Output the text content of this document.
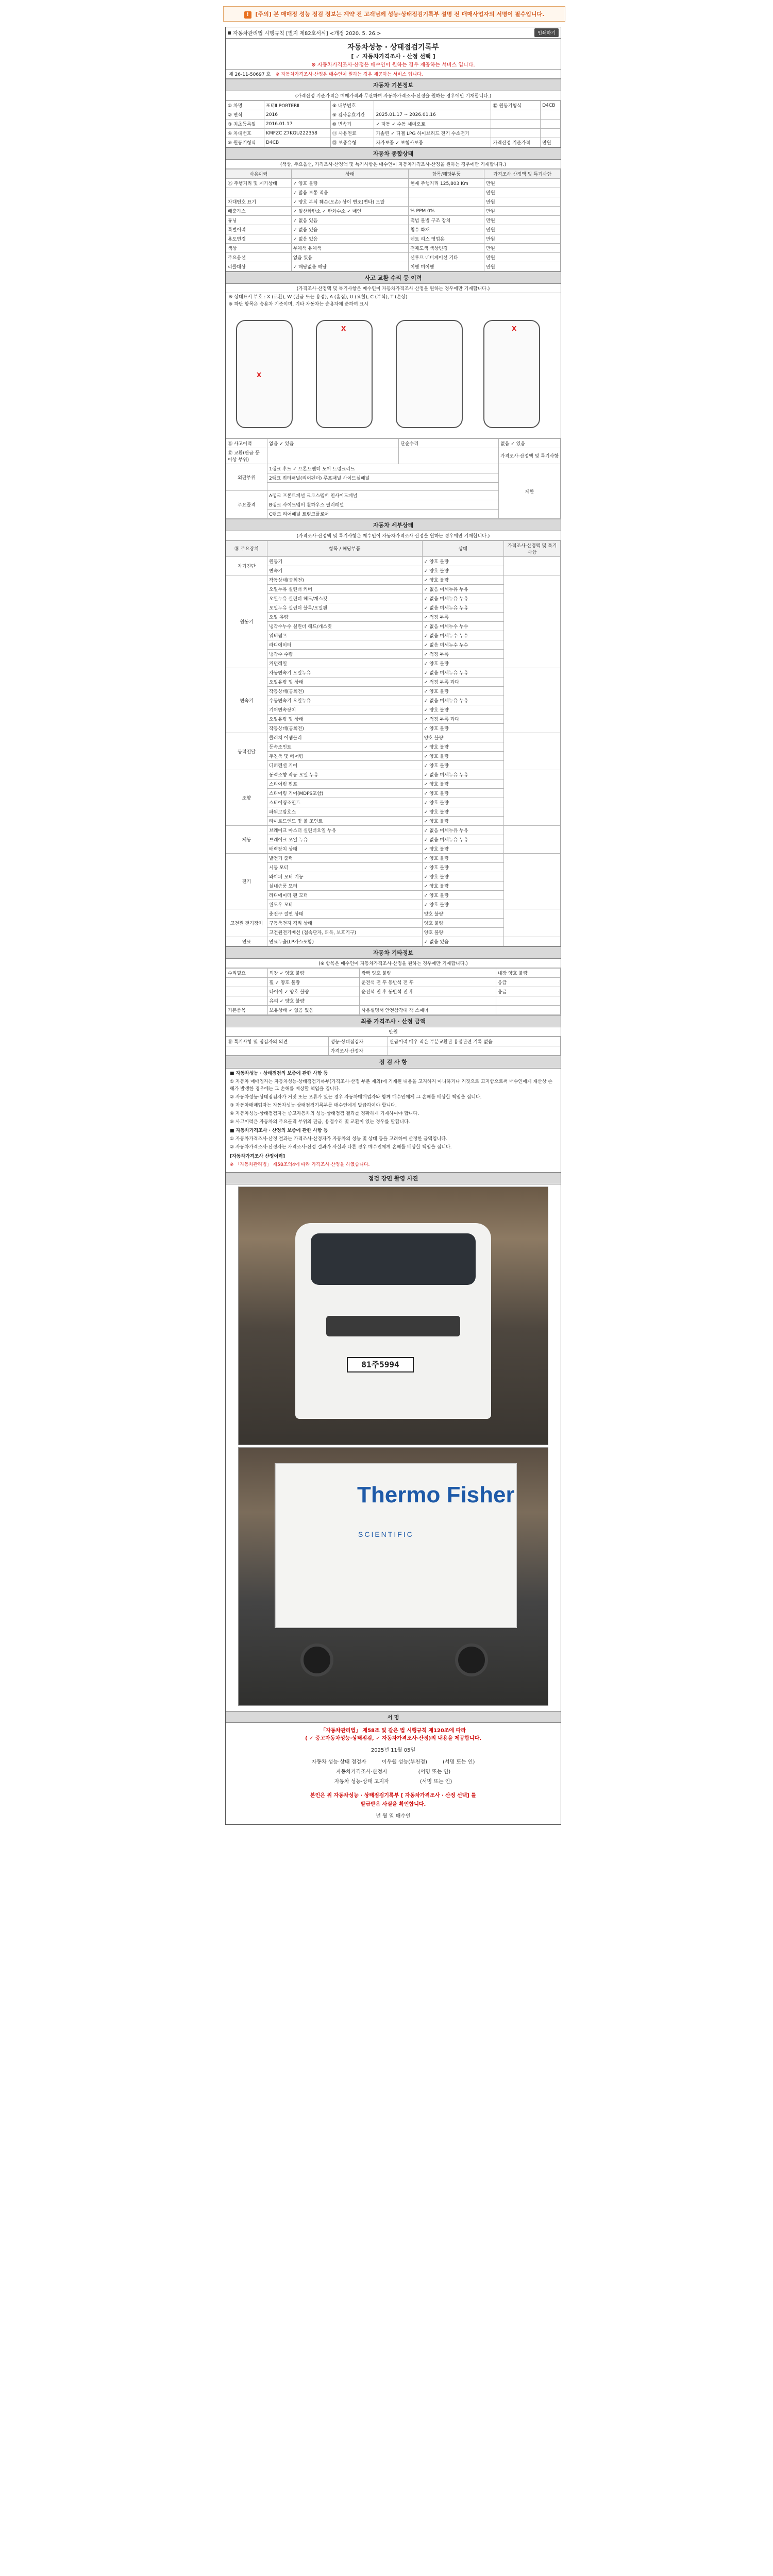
! [주의] 본 매매정 성능 점검 정보는 계약 전 고객님께 성능·상태점검기록부 설명 전 매매사업자의 서명이 필수입니다.
자동차관리법 시행규칙 [별지 제82호서식] <개정 2020. 5. 26.>	인쇄하기
자동차성능 · 상태점검기록부
[ ✓ 자동차가격조사 · 산정 선택 ]
※ 자동차가격조사·산정은 매수인이 원하는 경우 제공하는 서비스 입니다.
제 26-11-50697 호 ※ 자동차가격조사·산정은 매수인이 원하는 경우 제공하는 서비스 입니다.
자동차 기본정보
(가격산정 기준가격은 매매가격과 무관하며 자동차가격조사·산정을 원하는 경우에만 기재합니다.)
① 차명	포터Ⅱ PORTERⅡ	⑧ 내부번호		⑫ 원동기형식	D4CB
② 연식	2016	⑨ 검사유효기간	2025.01.17 ~ 2026.01.16		
③ 최초등록일	2016.01.17	⑩ 변속기	✓ 자동 ✓ 수동 세미오토		
④ 차대번호	KMFZC Z7KGU222358	⑪ 사용연료	가솔린 ✓ 디젤 LPG 하이브리드 전기 수소전기		
⑤ 원동기형식	D4CB	⑬ 보증유형	자가보증 ✓ 보험사보증	가격산정 기준가격	만원
자동차 종합상태
(색상, 주요옵션, 가격조사·산정액 및 특기사항은 매수인이 자동차가격조사·산정을 원하는 경우에만 기재합니다.)
사용이력	상태	항목/해당부품	가격조사·산정액 및 특기사항
⑮ 주행거리 및 계기상태	✓ 양호 불량	현재 주행거리 125,803 Km	만원
	✓ 많음 보통 적음		만원
차대번호 표기	✓ 양호 부식 훼손(오손) 상이 변조(변타) 도말		만원
배출가스	✓ 일산화탄소 ✓ 탄화수소 ✓ 매연	% PPM 0%	만원
튜닝	✓ 없음 있음	적법 불법 구조 장치	만원
특별이력	✓ 없음 있음	침수 화재	만원
용도변경	✓ 없음 있음	렌트 리스 영업용	만원
색상	무채색 유채색	전체도색 색상변경	만원
주요옵션	없음 있음	선루프 네비게이션 기타	만원
리콜대상	✓ 해당없음 해당	이행 미이행	만원
사고 교환 수리 등 이력
(가격조사·산정액 및 특기사항은 매수인이 자동차가격조사·산정을 원하는 경우에만 기재합니다.)
※ 상태표시 부호 : X (교환), W (판금 또는 용접), A (흠집), U (요철), C (부식), T (손상)
※ 하단 항목은 승용차 기준이며, 기타 자동차는 승용차에 준하여 표시
X	X
X
⑯ 사고이력	없음 ✓ 있음	단순수리	없음 ✓ 있음
⑰ 교환(판금 등 이상 부위)			가격조사·산정액 및 특기사항
외판부위	1랭크 후드 ✓ 프론트펜더 도어 트렁크리드		제한
	2랭크 쿼터패널(리어펜더) 루프패널 사이드실패널		

주요골격	A랭크 프론트패널 크로스멤버 인사이드패널		
	B랭크 사이드멤버 휠하우스 필러패널		
	C랭크 리어패널 트렁크플로어		
자동차 세부상태
(가격조사·산정액 및 특기사항은 매수인이 자동차가격조사·산정을 원하는 경우에만 기재합니다.)
⑱ 주요장치	항목 / 해당부품	상태	가격조사·산정액 및 특기사항
자기진단	원동기	✓ 양호 불량	
	변속기	✓ 양호 불량	
원동기	작동상태(공회전)	✓ 양호 불량	
	오일누유 실린더 커버	✓ 없음 미세누유 누유	
	오일누유 실린더 헤드/개스킷	✓ 없음 미세누유 누유	
	오일누유 실린더 블록/오일팬	✓ 없음 미세누유 누유	
	오일 유량	✓ 적정 부족	
	냉각수누수 실린더 헤드/개스킷	✓ 없음 미세누수 누수	
	워터펌프	✓ 없음 미세누수 누수	
	라디에이터	✓ 없음 미세누수 누수	
	냉각수 수량	✓ 적정 부족	
	커먼레일	✓ 양호 불량	
변속기	자동변속기 오일누유	✓ 없음 미세누유 누유	
	오일유량 및 상태	✓ 적정 부족 과다	
	작동상태(공회전)	✓ 양호 불량	
	수동변속기 오일누유	✓ 없음 미세누유 누유	
	기어변속장치	✓ 양호 불량	
	오일유량 및 상태	✓ 적정 부족 과다	
	작동상태(공회전)	✓ 양호 불량	
동력전달	클러치 어셈블리	양호 불량	
	등속조인트	✓ 양호 불량	
	추진축 및 베어링	✓ 양호 불량	
	디퍼렌셜 기어	✓ 양호 불량	
조향	동력조향 작동 오일 누유	✓ 없음 미세누유 누유	
	스티어링 펌프	✓ 양호 불량	
	스티어링 기어(MDPS포함)	✓ 양호 불량	
	스티어링조인트	✓ 양호 불량	
	파워고압호스	✓ 양호 불량	
	타이로드엔드 및 볼 조인트	✓ 양호 불량	
제동	브레이크 마스터 실린더오일 누유	✓ 없음 미세누유 누유	
	브레이크 오일 누유	✓ 없음 미세누유 누유	
	배력장치 상태	✓ 양호 불량	
전기	발전기 출력	✓ 양호 불량	
	시동 모터	✓ 양호 불량	
	와이퍼 모터 기능	✓ 양호 불량	
	실내송풍 모터	✓ 양호 불량	
	라디에이터 팬 모터	✓ 양호 불량	
	윈도우 모터	✓ 양호 불량	
고전원 전기장치	충전구 절연 상태	양호 불량	
	구동축전지 격리 상태	양호 불량	
	고전원전기배선 (접속단자, 피복, 보호기구)	양호 불량	
연료	연료누출(LP가스포함)	✓ 없음 있음	
자동차 기타정보
(※ 항목은 매수인이 자동차가격조사·산정을 원하는 경우에만 기재합니다.)
수리필요	외장 ✓ 양호 불량	광택 양호 불량	내장 양호 불량
	휠 ✓ 양호 불량	운전석 전 후 동반석 전 후	응급
	타이어 ✓ 양호 불량	운전석 전 후 동반석 전 후	응급
	유리 ✓ 양호 불량		
기본품목	보유상태 ✓ 없음 있음	사용설명서 안전삼각대 잭 스패너	
최종 가격조사 · 산정 금액
만원
⑲ 특기사항 및 점검자의 의견	성능·상태점검자	판금이력 매우 작은 부분교환관 용접관련 기록 없음
	가격조사·산정자	
점 검 사 항
■ 자동차성능 · 상태점검의 보증에 관한 사항 등

① 자동차 매매업자는 자동차성능·상태점검기록부(가격조사·산정 부분 제외)에 기재된 내용을 고지하지 아니하거나 거짓으로 고지함으로써 매수인에게 재산상 손해가 발생한 경우에는 그 손해를 배상할 책임을 집니다.

② 자동차성능·상태점검자가 거짓 또는 오류가 있는 경우 자동차매매업자와 함께 매수인에게 그 손해를 배상할 책임을 집니다.

③ 자동차매매업자는 자동차성능·상태점검기록부를 매수인에게 발급하여야 합니다.

④ 자동차성능·상태점검자는 중고자동차의 성능·상태점검 결과를 정확하게 기재하여야 합니다.

⑤ 사고이력은 자동차의 주요골격 부위의 판금, 용접수리 및 교환이 있는 경우를 말합니다.

■ 자동차가격조사 · 산정의 보증에 관한 사항 등

① 자동차가격조사·산정 결과는 가격조사·산정자가 자동차의 성능 및 상태 등을 고려하여 산정한 금액입니다.

② 자동차가격조사·산정자는 가격조사·산정 결과가 사실과 다른 경우 매수인에게 손해를 배상할 책임을 집니다.

[자동차가격조사 산정이력]

※ 「자동차관리법」 제58조의4에 따라 가격조사·산정을 하였습니다.

점검 장면 촬영 사진
81주5994
Thermo Fisher
SCIENTIFIC
서 명
「자동차관리법」 제58조 및 같은 법 시행규칙 제120조에 따라
( ✓ 중고자동차성능·상태점검, ✓ 자동차가격조사·산정)의 내용을 제공합니다.
2025년 11월 05일
자동차 성능·상태 점검자	이우쉘 성능(부천점)	(서명 또는 인)
자동차가격조사·산정자	(서명 또는 인)
자동차 성능·상태 고지자	(서명 또는 인)
본인은 위 자동차성능 · 상태점검기록부 [ 자동차가격조사 · 산정 선택] 를
발급받은 사실을 확인합니다.
년 월 일 매수인
